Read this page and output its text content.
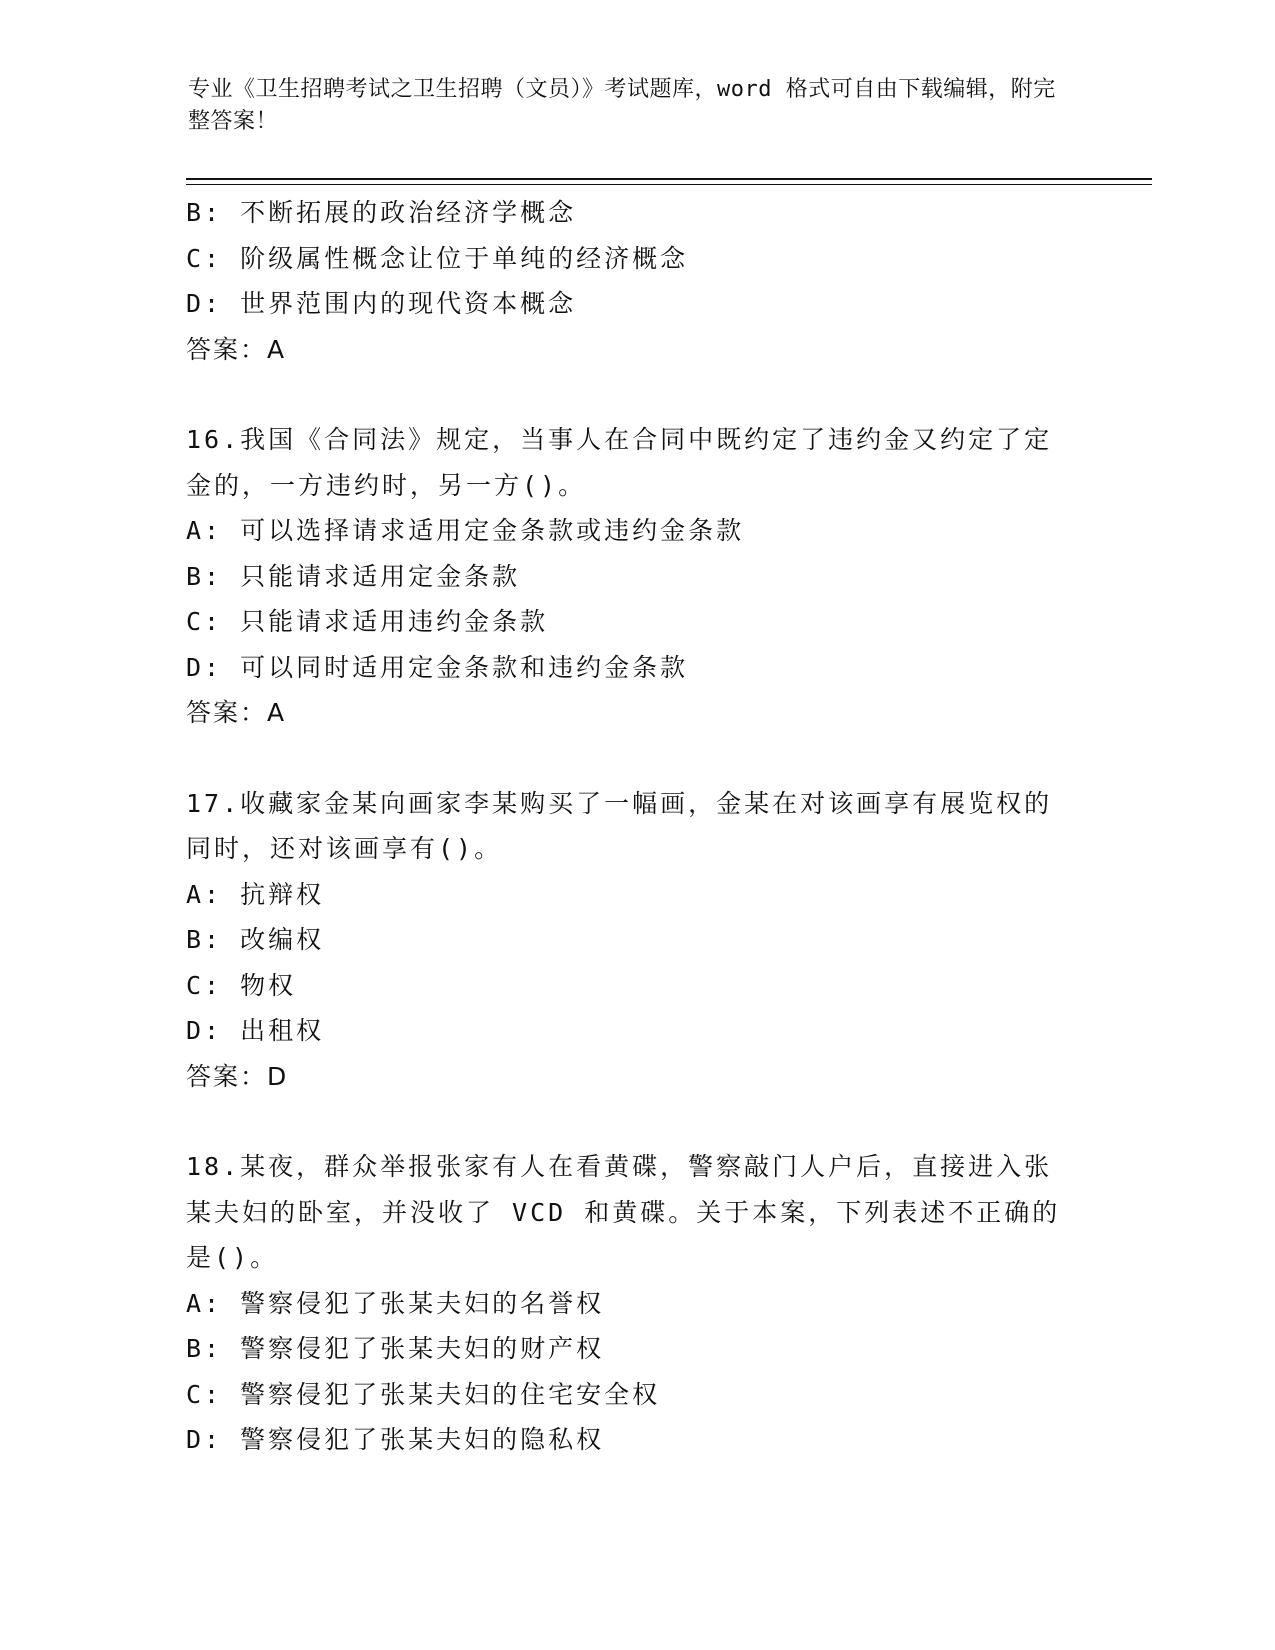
专业《卫生招聘考试之卫生招聘（文员）》考试题库，word 格式可自由下载编辑，附完整答案！
B: 不断拓展的政治经济学概念
C: 阶级属性概念让位于单纯的经济概念
D: 世界范围内的现代资本概念
答案：A
16.我国《合同法》规定，当事人在合同中既约定了违约金又约定了定金的，一方违约时，另一方()。
A: 可以选择请求适用定金条款或违约金条款
B: 只能请求适用定金条款
C: 只能请求适用违约金条款
D: 可以同时适用定金条款和违约金条款
答案：A
17.收藏家金某向画家李某购买了一幅画，金某在对该画享有展览权的同时，还对该画享有()。
A: 抗辩权
B: 改编权
C: 物权
D: 出租权
答案：D
18.某夜，群众举报张家有人在看黄碟，警察敲门人户后，直接进入张某夫妇的卧室，并没收了 VCD 和黄碟。关于本案，下列表述不正确的是()。
A: 警察侵犯了张某夫妇的名誉权
B: 警察侵犯了张某夫妇的财产权
C: 警察侵犯了张某夫妇的住宅安全权
D: 警察侵犯了张某夫妇的隐私权
